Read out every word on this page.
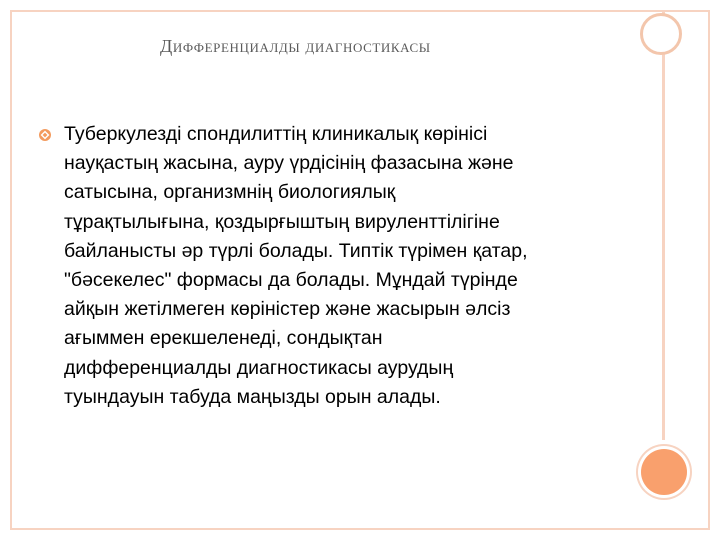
Дифференциалды диагностикасы

Туберкулезді спондилиттің клиникалық көрінісі
науқастың жасына, ауру үрдісінің фазасына және
сатысына, организмнің биологиялық
тұрақтылығына, қоздырғыштың вируленттілігіне
байланысты әр түрлі болады. Типтік түрімен қатар,
"бәсекелес" формасы да болады. Мұндай түрінде
айқын жетілмеген көріністер және жасырын әлсіз
ағыммен ерекшеленеді, сондықтан
дифференциалды диагностикасы аурудың
туындауын табуда маңызды орын алады.
